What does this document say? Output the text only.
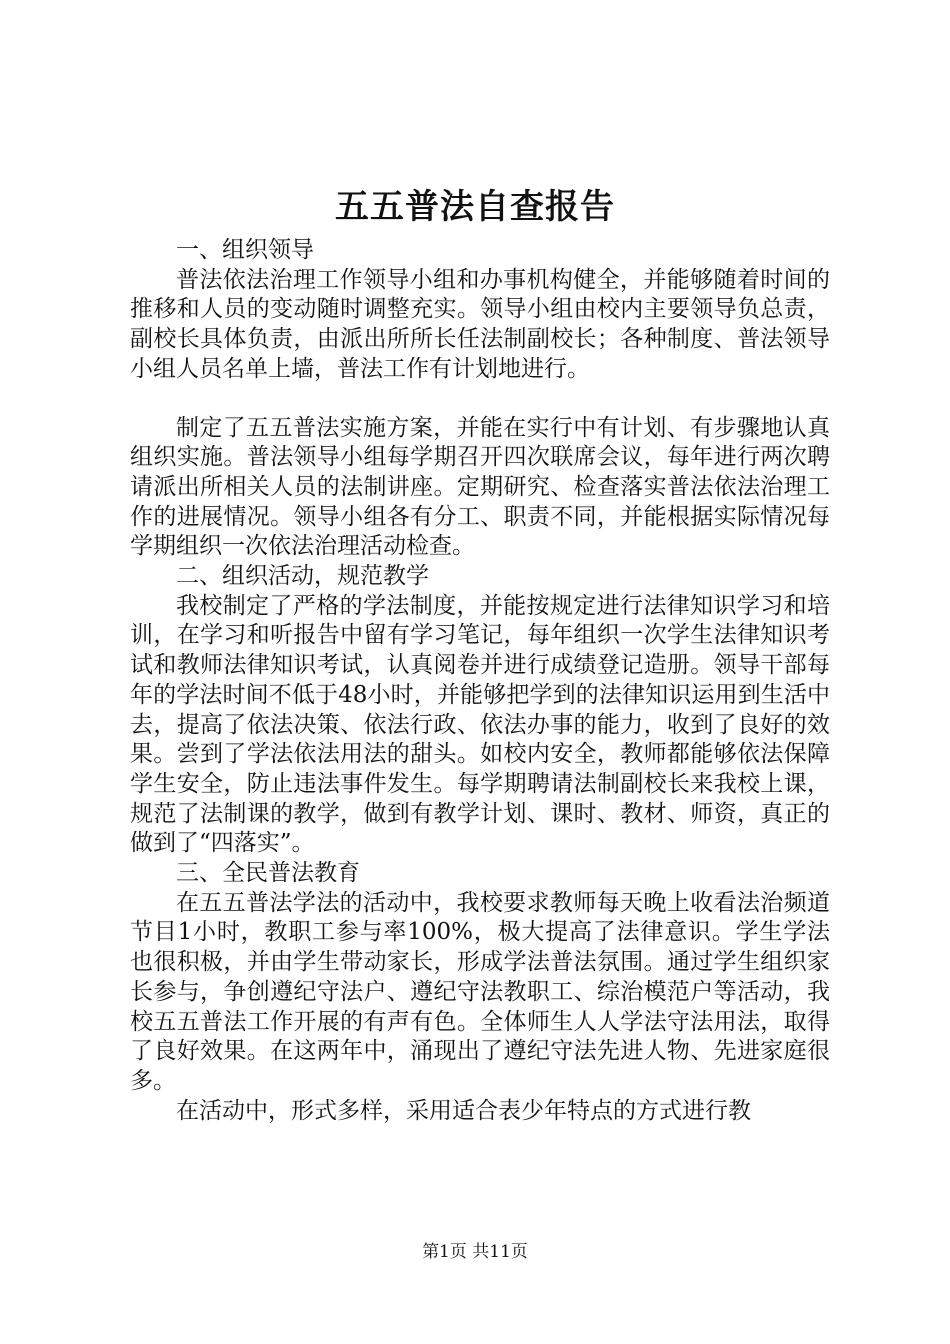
五五普法自查报告

一、组织领导

普法依法治理工作领导小组和办事机构健全，并能够随着时间的推移和人员的变动随时调整充实。领导小组由校内主要领导负总责，副校长具体负责，由派出所所长任法制副校长；各种制度、普法领导小组人员名单上墙，普法工作有计划地进行。

制定了五五普法实施方案，并能在实行中有计划、有步骤地认真组织实施。普法领导小组每学期召开四次联席会议，每年进行两次聘请派出所相关人员的法制讲座。定期研究、检查落实普法依法治理工作的进展情况。领导小组各有分工、职责不同，并能根据实际情况每学期组织一次依法治理活动检查。

二、组织活动，规范教学

我校制定了严格的学法制度，并能按规定进行法律知识学习和培训，在学习和听报告中留有学习笔记，每年组织一次学生法律知识考试和教师法律知识考试，认真阅卷并进行成绩登记造册。领导干部每年的学法时间不低于48小时，并能够把学到的法律知识运用到生活中去，提高了依法决策、依法行政、依法办事的能力，收到了良好的效果。尝到了学法依法用法的甜头。如校内安全，教师都能够依法保障学生安全，防止违法事件发生。每学期聘请法制副校长来我校上课，规范了法制课的教学，做到有教学计划、课时、教材、师资，真正的做到了“四落实”。

三、全民普法教育

在五五普法学法的活动中，我校要求教师每天晚上收看法治频道节目1小时，教职工参与率100%，极大提高了法律意识。学生学法也很积极，并由学生带动家长，形成学法普法氛围。通过学生组织家长参与，争创遵纪守法户、遵纪守法教职工、综治模范户等活动，我校五五普法工作开展的有声有色。全体师生人人学法守法用法，取得了良好效果。在这两年中，涌现出了遵纪守法先进人物、先进家庭很多。

在活动中，形式多样，采用适合表少年特点的方式进行教

第1页 共11页
